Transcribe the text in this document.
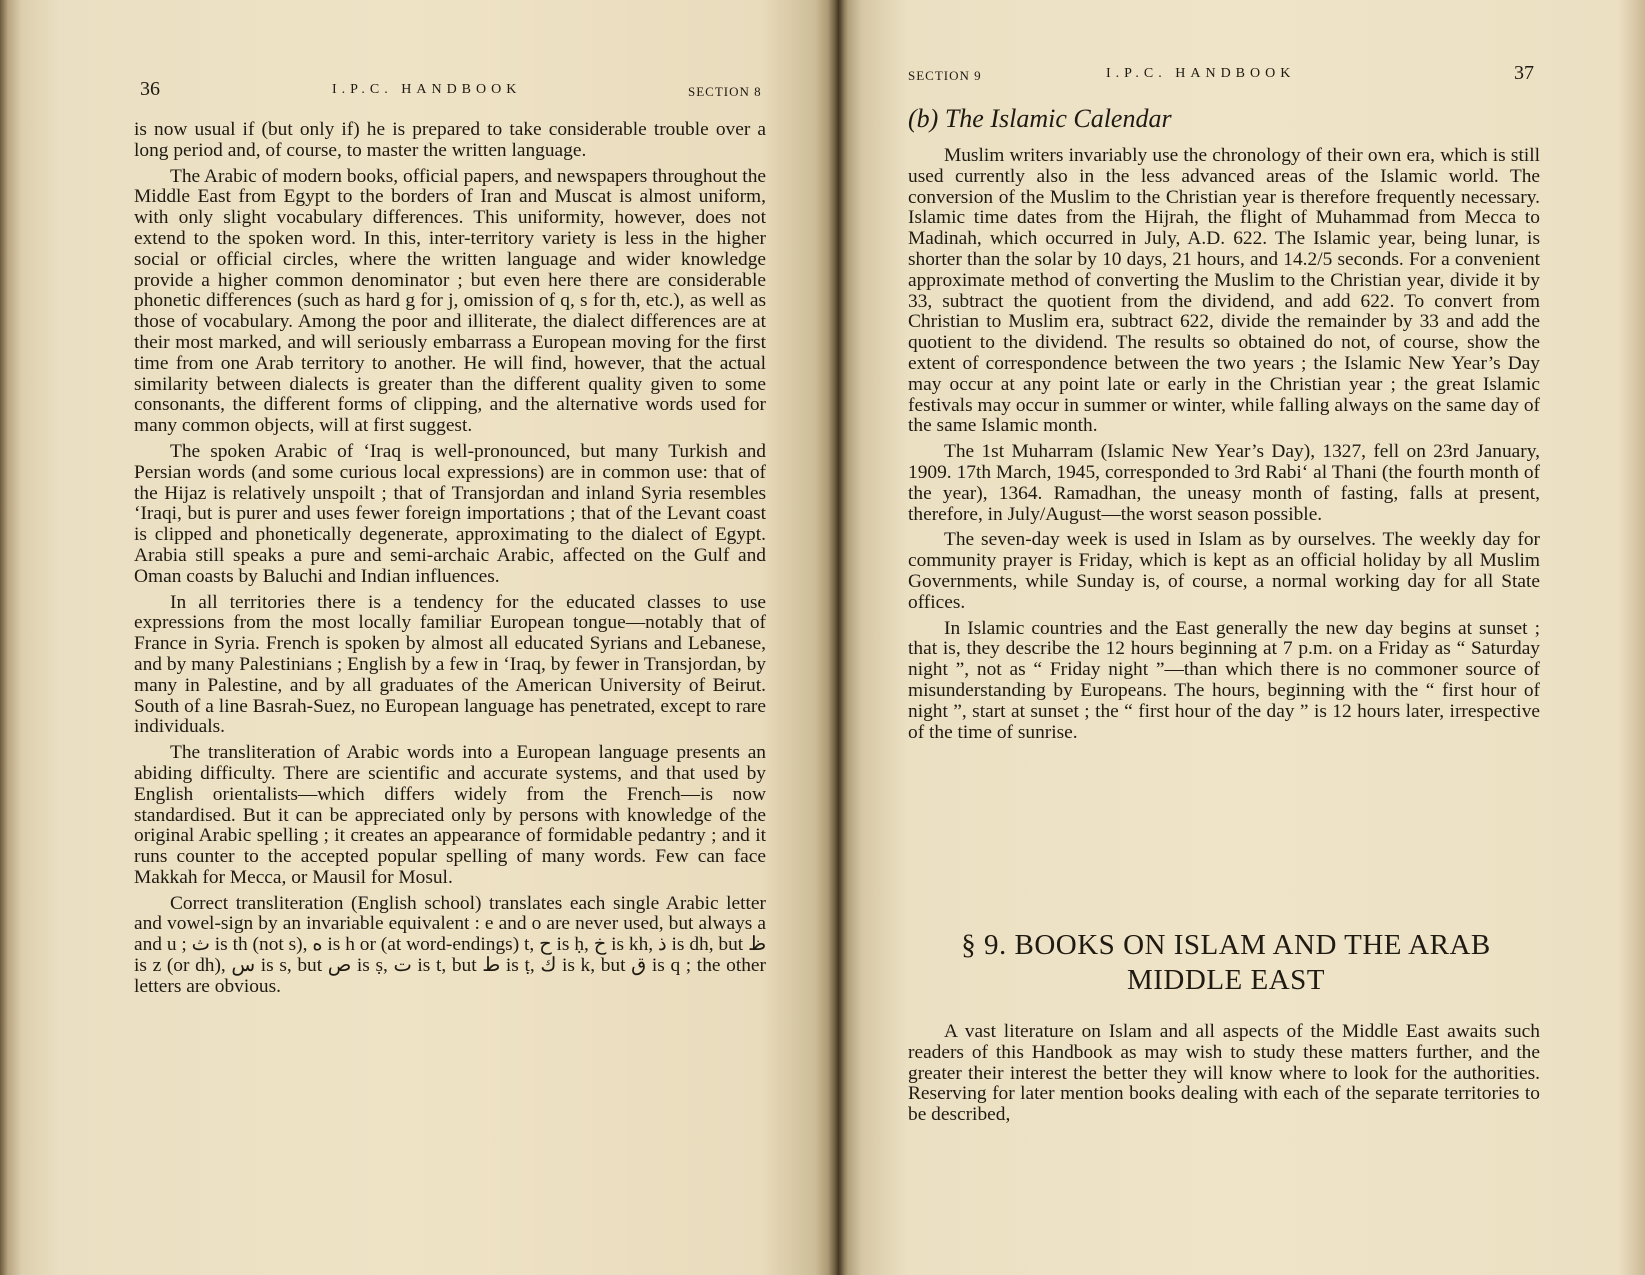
36	I.P.C. HANDBOOK	SECTION 8

is now usual if (but only if) he is prepared to take considerable trouble over a long period and, of course, to master the written language.

The Arabic of modern books, official papers, and newspapers throughout the Middle East from Egypt to the borders of Iran and Muscat is almost uniform, with only slight vocabulary differences. This uniformity, however, does not extend to the spoken word. In this, inter-territory variety is less in the higher social or official circles, where the written language and wider knowledge provide a higher common denominator ; but even here there are considerable phonetic differences (such as hard g for j, omission of q, s for th, etc.), as well as those of vocabulary. Among the poor and illiterate, the dialect differences are at their most marked, and will seriously embarrass a European moving for the first time from one Arab territory to another. He will find, however, that the actual similarity between dialects is greater than the different quality given to some consonants, the different forms of clipping, and the alternative words used for many common objects, will at first suggest.

The spoken Arabic of ‘Iraq is well-pronounced, but many Turkish and Persian words (and some curious local expressions) are in common use: that of the Hijaz is relatively unspoilt ; that of Transjordan and inland Syria resembles ‘Iraqi, but is purer and uses fewer foreign importations ; that of the Levant coast is clipped and phonetically degenerate, approximating to the dialect of Egypt. Arabia still speaks a pure and semi-archaic Arabic, affected on the Gulf and Oman coasts by Baluchi and Indian influences.

In all territories there is a tendency for the educated classes to use expressions from the most locally familiar European tongue—notably that of France in Syria. French is spoken by almost all educated Syrians and Lebanese, and by many Palestinians ; English by a few in ‘Iraq, by fewer in Transjordan, by many in Palestine, and by all graduates of the American University of Beirut. South of a line Basrah-Suez, no European language has penetrated, except to rare individuals.

The transliteration of Arabic words into a European language presents an abiding difficulty. There are scientific and accurate systems, and that used by English orientalists—which differs widely from the French—is now standardised. But it can be appreciated only by persons with knowledge of the original Arabic spelling ; it creates an appearance of formidable pedantry ; and it runs counter to the accepted popular spelling of many words. Few can face Makkah for Mecca, or Mausil for Mosul.

Correct transliteration (English school) translates each single Arabic letter and vowel-sign by an invariable equivalent : e and o are never used, but always a and u ; ث is th (not s), ه is h or (at word-endings) t, ح is ḥ, خ is kh, ذ is dh, but ظ is z (or dh), س is s, but ص is ṣ, ت is t, but ط is ṭ, ك is k, but ق is q ; the other letters are obvious.

SECTION 9	I.P.C. HANDBOOK	37
(b) The Islamic Calendar

Muslim writers invariably use the chronology of their own era, which is still used currently also in the less advanced areas of the Islamic world. The conversion of the Muslim to the Christian year is therefore frequently necessary. Islamic time dates from the Hijrah, the flight of Muhammad from Mecca to Madinah, which occurred in July, A.D. 622. The Islamic year, being lunar, is shorter than the solar by 10 days, 21 hours, and 14.2/5 seconds. For a convenient approximate method of converting the Muslim to the Christian year, divide it by 33, subtract the quotient from the dividend, and add 622. To convert from Christian to Muslim era, subtract 622, divide the remainder by 33 and add the quotient to the dividend. The results so obtained do not, of course, show the extent of correspondence between the two years ; the Islamic New Year’s Day may occur at any point late or early in the Christian year ; the great Islamic festivals may occur in summer or winter, while falling always on the same day of the same Islamic month.

The 1st Muharram (Islamic New Year’s Day), 1327, fell on 23rd January, 1909. 17th March, 1945, corresponded to 3rd Rabi‘ al Thani (the fourth month of the year), 1364. Ramadhan, the uneasy month of fasting, falls at present, therefore, in July/August—the worst season possible.

The seven-day week is used in Islam as by ourselves. The weekly day for community prayer is Friday, which is kept as an official holiday by all Muslim Governments, while Sunday is, of course, a normal working day for all State offices.

In Islamic countries and the East generally the new day begins at sunset ; that is, they describe the 12 hours beginning at 7 p.m. on a Friday as “ Saturday night ”, not as “ Friday night ”—than which there is no commoner source of misunderstanding by Europeans. The hours, beginning with the “ first hour of night ”, start at sunset ; the “ first hour of the day ” is 12 hours later, irrespective of the time of sunrise.

§ 9. BOOKS ON ISLAM AND THE ARAB
MIDDLE EAST

A vast literature on Islam and all aspects of the Middle East awaits such readers of this Handbook as may wish to study these matters further, and the greater their interest the better they will know where to look for the authorities. Reserving for later mention books dealing with each of the separate territories to be described,
